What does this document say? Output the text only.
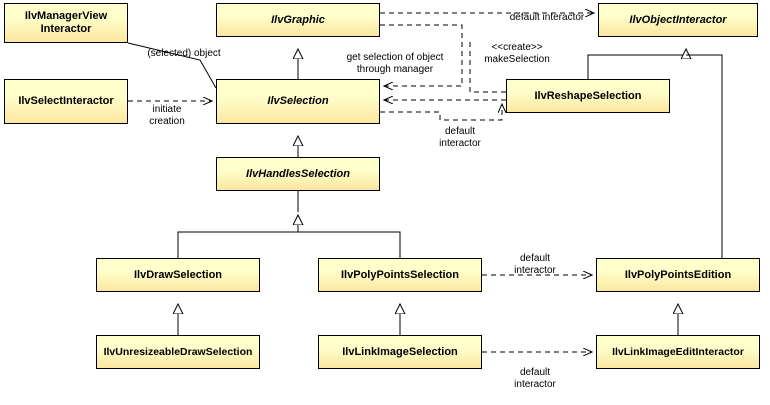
IlvManagerView
Interactor
IlvGraphic	IlvObjectInteractor
IlvSelectInteractor	IlvSelection	IlvReshapeSelection
IlvHandlesSelection
IlvDrawSelection	IlvPolyPointsSelection	IlvPolyPointsEdition
IlvUnresizeableDrawSelection	IlvLinkImageSelection	IlvLinkImageEditInteractor
default interactor
(selected) object	get selection of object
through manager
<<create>>
makeSelection
initiate
creation
default
interactor
default
interactor
default
interactor
